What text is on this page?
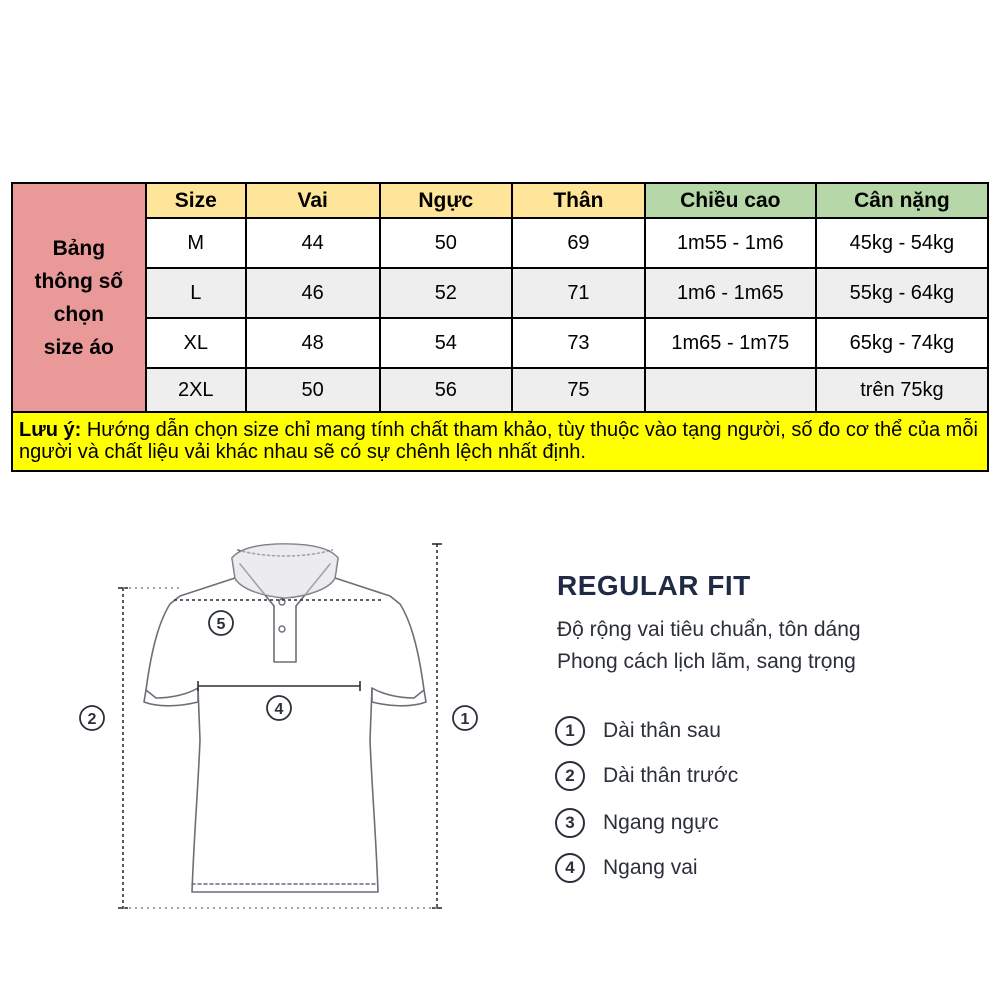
Bảng
thông số
chọn
size áo	Size	Vai	Ngực	Thân	Chiều cao	Cân nặng
	M	44	50	69	1m55 - 1m6	45kg - 54kg
	L	46	52	71	1m6 - 1m65	55kg - 64kg
	XL	48	54	73	1m65 - 1m75	65kg - 74kg
	2XL	50	56	75		trên 75kg
Lưu ý: Hướng dẫn chọn size chỉ mang tính chất tham khảo, tùy thuộc vào tạng người, số đo cơ thể của mỗi người và chất liệu vải khác nhau sẽ có sự chênh lệch nhất định.						
5
4
2	1
REGULAR FIT
Độ rộng vai tiêu chuẩn, tôn dáng
Phong cách lịch lãm, sang trọng
1	Dài thân sau
2	Dài thân trước
3	Ngang ngực
4	Ngang vai
